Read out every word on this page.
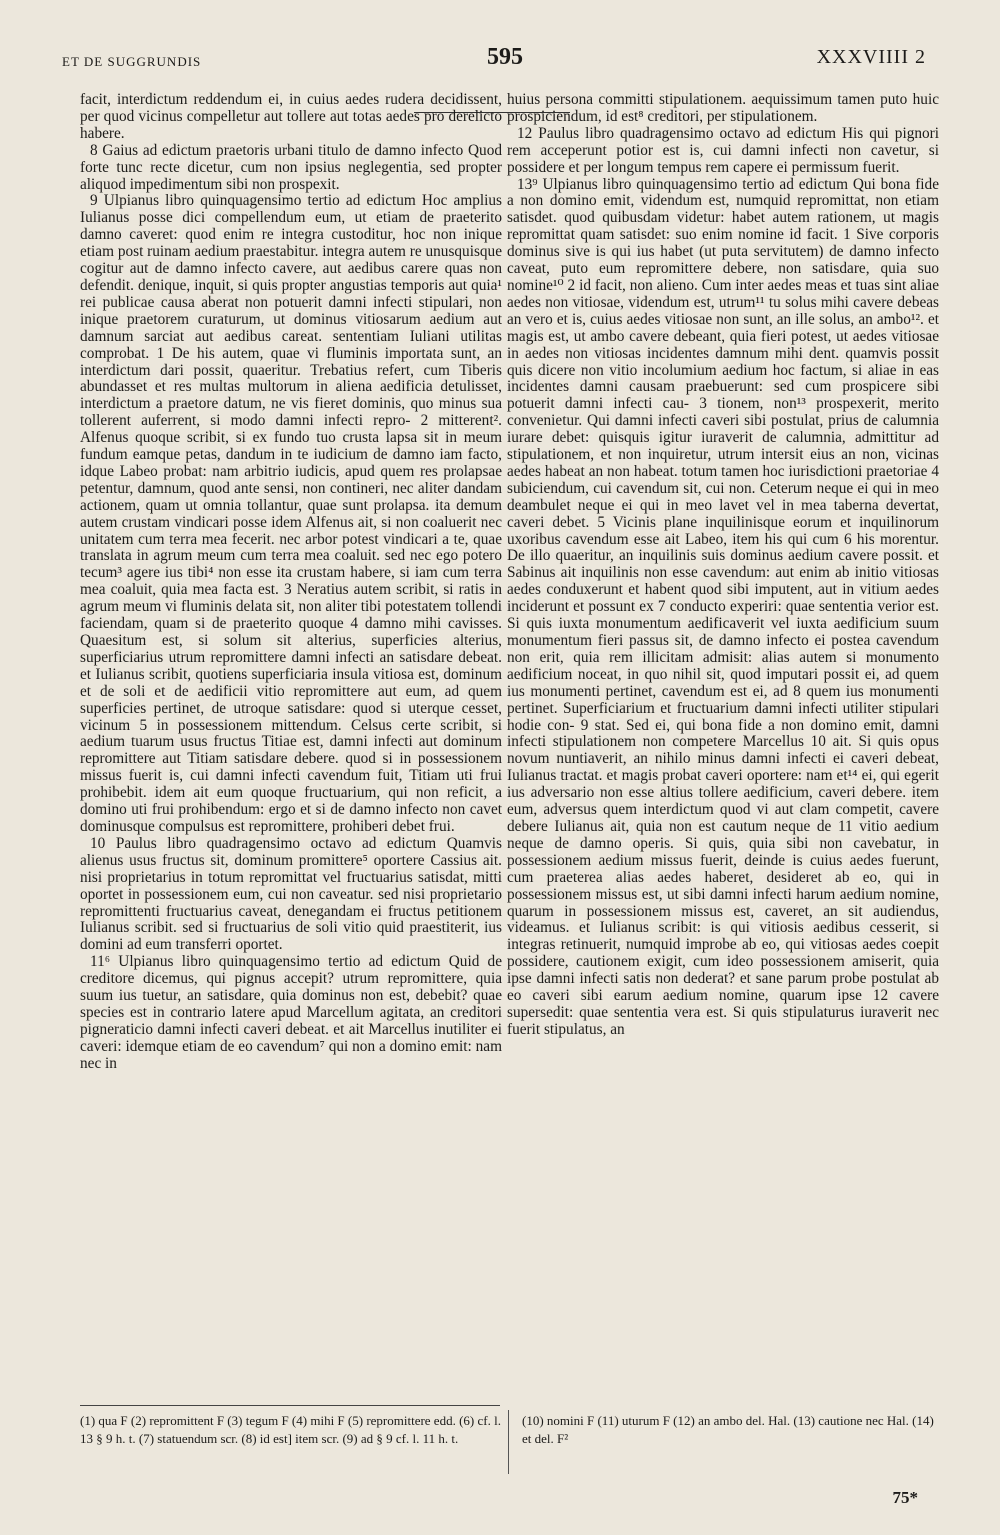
ET DE SUGGRUNDIS	595	XXXVIIII 2

facit, interdictum reddendum ei, in cuius aedes rudera decidissent, per quod vicinus compelletur aut tollere aut totas aedes pro derelicto habere.

8 Gaius ad edictum praetoris urbani titulo de damno infecto Quod forte tunc recte dicetur, cum non ipsius neglegentia, sed propter aliquod impedimentum sibi non prospexit.

9 Ulpianus libro quinquagensimo tertio ad edictum Hoc amplius Iulianus posse dici compellendum eum, ut etiam de praeterito damno caveret: quod enim re integra custoditur, hoc non inique etiam post ruinam aedium praestabitur. integra autem re unusquisque cogitur aut de damno infecto cavere, aut aedibus carere quas non defendit. denique, inquit, si quis propter angustias temporis aut quia¹ rei publicae causa aberat non potuerit damni infecti stipulari, non inique praetorem curaturum, ut dominus vitiosarum aedium aut damnum sarciat aut aedibus careat. sententiam Iuliani utilitas comprobat. 1 De his autem, quae vi fluminis importata sunt, an interdictum dari possit, quaeritur. Trebatius refert, cum Tiberis abundasset et res multas multorum in aliena aedificia detulisset, interdictum a praetore datum, ne vis fieret dominis, quo minus sua tollerent auferrent, si modo damni infecti repro- 2 mitterent². Alfenus quoque scribit, si ex fundo tuo crusta lapsa sit in meum fundum eamque petas, dandum in te iudicium de damno iam facto, idque Labeo probat: nam arbitrio iudicis, apud quem res prolapsae petentur, damnum, quod ante sensi, non contineri, nec aliter dandam actionem, quam ut omnia tollantur, quae sunt prolapsa. ita demum autem crustam vindicari posse idem Alfenus ait, si non coaluerit nec unitatem cum terra mea fecerit. nec arbor potest vindicari a te, quae translata in agrum meum cum terra mea coaluit. sed nec ego potero tecum³ agere ius tibi⁴ non esse ita crustam habere, si iam cum terra mea coaluit, quia mea facta est. 3 Neratius autem scribit, si ratis in agrum meum vi fluminis delata sit, non aliter tibi potestatem tollendi faciendam, quam si de praeterito quoque 4 damno mihi cavisses. Quaesitum est, si solum sit alterius, superficies alterius, superficiarius utrum repromittere damni infecti an satisdare debeat. et Iulianus scribit, quotiens superficiaria insula vitiosa est, dominum et de soli et de aedificii vitio repromittere aut eum, ad quem superficies pertinet, de utroque satisdare: quod si uterque cesset, vicinum 5 in possessionem mittendum. Celsus certe scribit, si aedium tuarum usus fructus Titiae est, damni infecti aut dominum repromittere aut Titiam satisdare debere. quod si in possessionem missus fuerit is, cui damni infecti cavendum fuit, Titiam uti frui prohibebit. idem ait eum quoque fructuarium, qui non reficit, a domino uti frui prohibendum: ergo et si de damno infecto non cavet dominusque compulsus est repromittere, prohiberi debet frui.

10 Paulus libro quadragensimo octavo ad edictum Quamvis alienus usus fructus sit, dominum promittere⁵ oportere Cassius ait. nisi proprietarius in totum repromittat vel fructuarius satisdat, mitti oportet in possessionem eum, cui non caveatur. sed nisi proprietario repromittenti fructuarius caveat, denegandam ei fructus petitionem Iulianus scribit. sed si fructuarius de soli vitio quid praestiterit, ius domini ad eum transferri oportet.

11⁶ Ulpianus libro quinquagensimo tertio ad edictum Quid de creditore dicemus, qui pignus accepit? utrum repromittere, quia suum ius tuetur, an satisdare, quia dominus non est, debebit? quae species est in contrario latere apud Marcellum agitata, an creditori pigneraticio damni infecti caveri debeat. et ait Marcellus inutiliter ei caveri: idemque etiam de eo cavendum⁷ qui non a domino emit: nam nec in

huius persona committi stipulationem. aequissimum tamen puto huic prospiciendum, id est⁸ creditori, per stipulationem.

12 Paulus libro quadragensimo octavo ad edictum His qui pignori rem acceperunt potior est is, cui damni infecti non cavetur, si possidere et per longum tempus rem capere ei permissum fuerit.

13⁹ Ulpianus libro quinquagensimo tertio ad edictum Qui bona fide a non domino emit, videndum est, numquid repromittat, non etiam satisdet. quod quibusdam videtur: habet autem rationem, ut magis repromittat quam satisdet: suo enim nomine id facit. 1 Sive corporis dominus sive is qui ius habet (ut puta servitutem) de damno infecto caveat, puto eum repromittere debere, non satisdare, quia suo nomine¹⁰ 2 id facit, non alieno. Cum inter aedes meas et tuas sint aliae aedes non vitiosae, videndum est, utrum¹¹ tu solus mihi cavere debeas an vero et is, cuius aedes vitiosae non sunt, an ille solus, an ambo¹². et magis est, ut ambo cavere debeant, quia fieri potest, ut aedes vitiosae in aedes non vitiosas incidentes damnum mihi dent. quamvis possit quis dicere non vitio incolumium aedium hoc factum, si aliae in eas incidentes damni causam praebuerunt: sed cum prospicere sibi potuerit damni infecti cau- 3 tionem, non¹³ prospexerit, merito convenietur. Qui damni infecti caveri sibi postulat, prius de calumnia iurare debet: quisquis igitur iuraverit de calumnia, admittitur ad stipulationem, et non inquiretur, utrum intersit eius an non, vicinas aedes habeat an non habeat. totum tamen hoc iurisdictioni praetoriae 4 subiciendum, cui cavendum sit, cui non. Ceterum neque ei qui in meo deambulet neque ei qui in meo lavet vel in mea taberna devertat, caveri debet. 5 Vicinis plane inquilinisque eorum et inquilinorum uxoribus cavendum esse ait Labeo, item his qui cum 6 his morentur. De illo quaeritur, an inquilinis suis dominus aedium cavere possit. et Sabinus ait inquilinis non esse cavendum: aut enim ab initio vitiosas aedes conduxerunt et habent quod sibi imputent, aut in vitium aedes inciderunt et possunt ex 7 conducto experiri: quae sententia verior est. Si quis iuxta monumentum aedificaverit vel iuxta aedificium suum monumentum fieri passus sit, de damno infecto ei postea cavendum non erit, quia rem illicitam admisit: alias autem si monumento aedificium noceat, in quo nihil sit, quod imputari possit ei, ad quem ius monumenti pertinet, cavendum est ei, ad 8 quem ius monumenti pertinet. Superficiarium et fructuarium damni infecti utiliter stipulari hodie con- 9 stat. Sed ei, qui bona fide a non domino emit, damni infecti stipulationem non competere Marcellus 10 ait. Si quis opus novum nuntiaverit, an nihilo minus damni infecti ei caveri debeat, Iulianus tractat. et magis probat caveri oportere: nam et¹⁴ ei, qui egerit ius adversario non esse altius tollere aedificium, caveri debere. item eum, adversus quem interdictum quod vi aut clam competit, cavere debere Iulianus ait, quia non est cautum neque de 11 vitio aedium neque de damno operis. Si quis, quia sibi non cavebatur, in possessionem aedium missus fuerit, deinde is cuius aedes fuerunt, cum praeterea alias aedes haberet, desideret ab eo, qui in possessionem missus est, ut sibi damni infecti harum aedium nomine, quarum in possessionem missus est, caveret, an sit audiendus, videamus. et Iulianus scribit: is qui vitiosis aedibus cesserit, si integras retinuerit, numquid improbe ab eo, qui vitiosas aedes coepit possidere, cautionem exigit, cum ideo possessionem amiserit, quia ipse damni infecti satis non dederat? et sane parum probe postulat ab eo caveri sibi earum aedium nomine, quarum ipse 12 cavere supersedit: quae sententia vera est. Si quis stipulaturus iuraverit nec fuerit stipulatus, an

(1) qua F (2) repromittent F (3) tegum F (4) mihi F (5) repromittere edd. (6) cf. l. 13 § 9 h. t. (7) statuendum scr. (8) id est] item scr. (9) ad § 9 cf. l. 11 h. t.
(10) nomini F (11) uturum F (12) an ambo del. Hal. (13) cautione nec Hal. (14) et del. F²
75*
